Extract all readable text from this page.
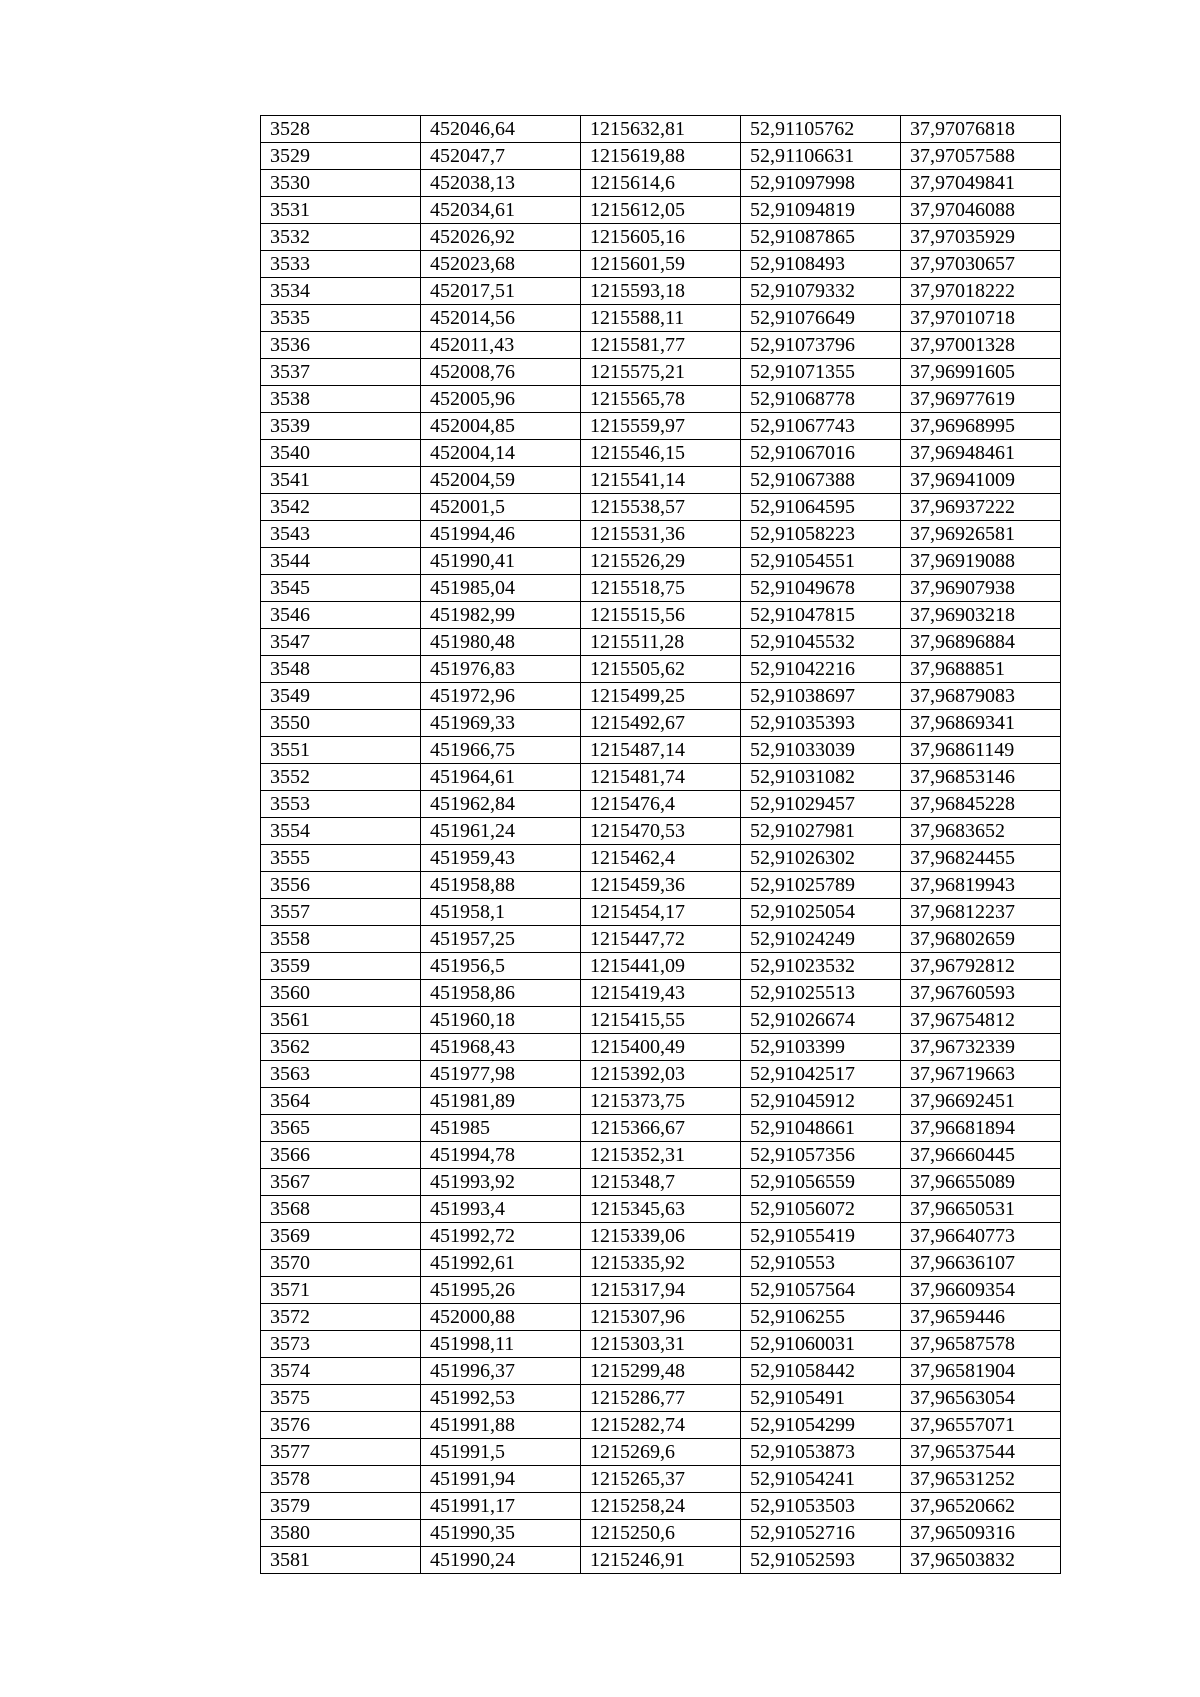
3528	452046,64	1215632,81	52,91105762	37,97076818
3529	452047,7	1215619,88	52,91106631	37,97057588
3530	452038,13	1215614,6	52,91097998	37,97049841
3531	452034,61	1215612,05	52,91094819	37,97046088
3532	452026,92	1215605,16	52,91087865	37,97035929
3533	452023,68	1215601,59	52,9108493	37,97030657
3534	452017,51	1215593,18	52,91079332	37,97018222
3535	452014,56	1215588,11	52,91076649	37,97010718
3536	452011,43	1215581,77	52,91073796	37,97001328
3537	452008,76	1215575,21	52,91071355	37,96991605
3538	452005,96	1215565,78	52,91068778	37,96977619
3539	452004,85	1215559,97	52,91067743	37,96968995
3540	452004,14	1215546,15	52,91067016	37,96948461
3541	452004,59	1215541,14	52,91067388	37,96941009
3542	452001,5	1215538,57	52,91064595	37,96937222
3543	451994,46	1215531,36	52,91058223	37,96926581
3544	451990,41	1215526,29	52,91054551	37,96919088
3545	451985,04	1215518,75	52,91049678	37,96907938
3546	451982,99	1215515,56	52,91047815	37,96903218
3547	451980,48	1215511,28	52,91045532	37,96896884
3548	451976,83	1215505,62	52,91042216	37,9688851
3549	451972,96	1215499,25	52,91038697	37,96879083
3550	451969,33	1215492,67	52,91035393	37,96869341
3551	451966,75	1215487,14	52,91033039	37,96861149
3552	451964,61	1215481,74	52,91031082	37,96853146
3553	451962,84	1215476,4	52,91029457	37,96845228
3554	451961,24	1215470,53	52,91027981	37,9683652
3555	451959,43	1215462,4	52,91026302	37,96824455
3556	451958,88	1215459,36	52,91025789	37,96819943
3557	451958,1	1215454,17	52,91025054	37,96812237
3558	451957,25	1215447,72	52,91024249	37,96802659
3559	451956,5	1215441,09	52,91023532	37,96792812
3560	451958,86	1215419,43	52,91025513	37,96760593
3561	451960,18	1215415,55	52,91026674	37,96754812
3562	451968,43	1215400,49	52,9103399	37,96732339
3563	451977,98	1215392,03	52,91042517	37,96719663
3564	451981,89	1215373,75	52,91045912	37,96692451
3565	451985	1215366,67	52,91048661	37,96681894
3566	451994,78	1215352,31	52,91057356	37,96660445
3567	451993,92	1215348,7	52,91056559	37,96655089
3568	451993,4	1215345,63	52,91056072	37,96650531
3569	451992,72	1215339,06	52,91055419	37,96640773
3570	451992,61	1215335,92	52,910553	37,96636107
3571	451995,26	1215317,94	52,91057564	37,96609354
3572	452000,88	1215307,96	52,9106255	37,9659446
3573	451998,11	1215303,31	52,91060031	37,96587578
3574	451996,37	1215299,48	52,91058442	37,96581904
3575	451992,53	1215286,77	52,9105491	37,96563054
3576	451991,88	1215282,74	52,91054299	37,96557071
3577	451991,5	1215269,6	52,91053873	37,96537544
3578	451991,94	1215265,37	52,91054241	37,96531252
3579	451991,17	1215258,24	52,91053503	37,96520662
3580	451990,35	1215250,6	52,91052716	37,96509316
3581	451990,24	1215246,91	52,91052593	37,96503832
